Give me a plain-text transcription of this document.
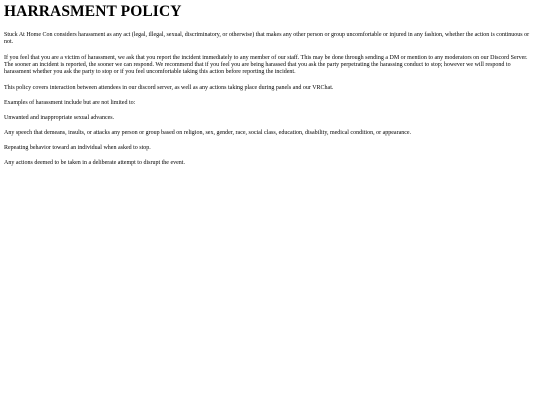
HARRASMENT POLICY

Stuck At Home Con considers harassment as any act (legal, illegal, sexual, discriminatory, or otherwise) that makes any other person or group uncomfortable or injured in any fashion, whether the action is continuous or not.

If you feel that you are a victim of harassment, we ask that you report the incident immediately to any member of our staff. This may be done through sending a DM or mention to any moderators on our Discord Server. The sooner an incident is reported, the sooner we can respond. We recommend that if you feel you are being harassed that you ask the party perpetrating the harassing conduct to stop; however we will respond to harassment whether you ask the party to stop or if you feel uncomfortable taking this action before reporting the incident.

This policy covers interaction between attendees in our discord server, as well as any actions taking place during panels and our VRChat.

Examples of harassment include but are not limited to:

Unwanted and inappropriate sexual advances.

Any speech that demeans, insults, or attacks any person or group based on religion, sex, gender, race, social class, education, disability, medical condition, or appearance.

Repeating behavior toward an individual when asked to stop.

Any actions deemed to be taken in a deliberate attempt to disrupt the event.
